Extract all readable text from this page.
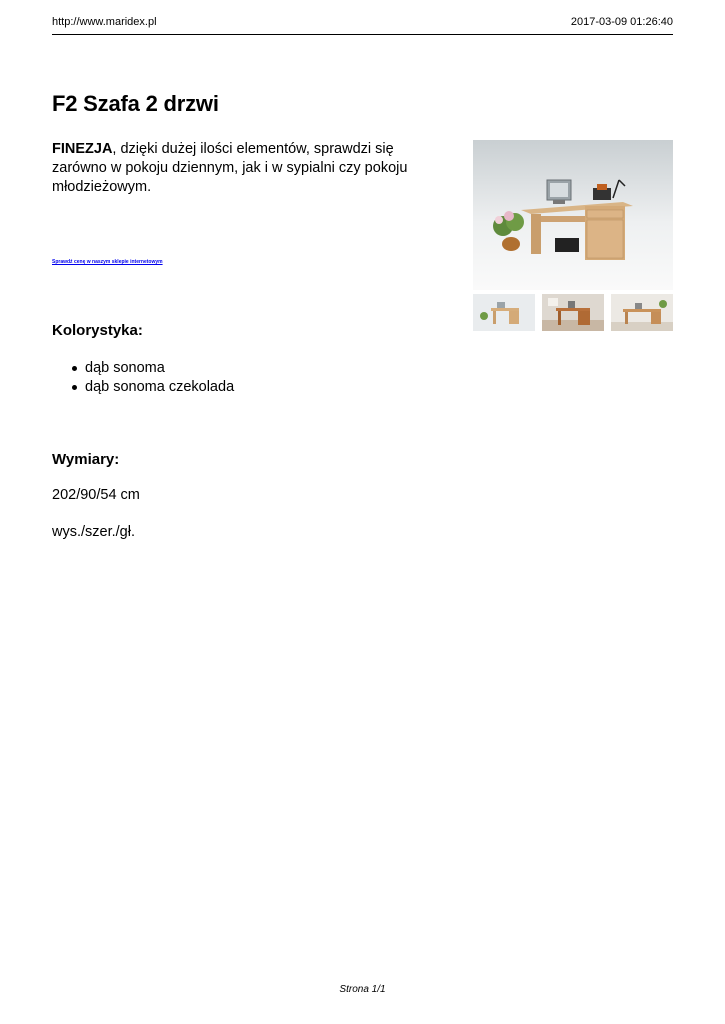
http://www.maridex.pl	2017-03-09 01:26:40
F2 Szafa 2 drzwi

FINEZJA, dzięki dużej ilości elementów, sprawdzi się zarówno w pokoju dziennym, jak i w sypialni czy pokoju młodzieżowym.

Sprawdź cenę w naszym sklepie internetowym
Kolorystyka:
dąb sonoma
dąb sonoma czekolada
Wymiary:

202/90/54 cm

wys./szer./gł.

Strona 1/1
